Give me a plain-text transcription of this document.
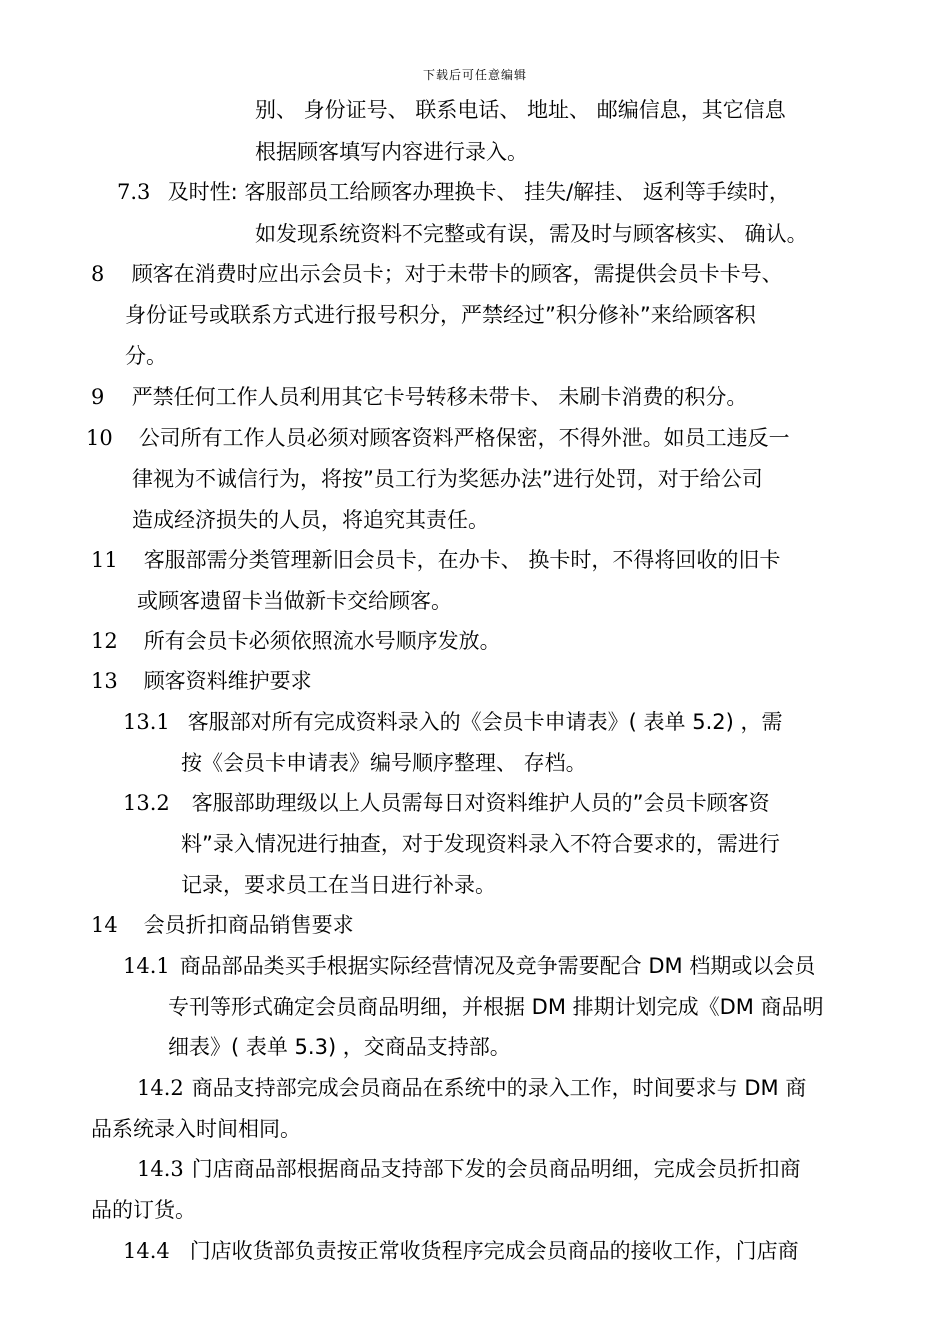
下载后可任意编辑
别、 身份证号、 联系电话、 地址、 邮编信息，其它信息
根据顾客填写内容进行录入。
7.3 及时性: 客服部员工给顾客办理换卡、 挂失/解挂、 返利等手续时，
如发现系统资料不完整或有误，需及时与顾客核实、 确认。
8 顾客在消费时应出示会员卡；对于未带卡的顾客，需提供会员卡卡号、
身份证号或联系方式进行报号积分，严禁经过”积分修补”来给顾客积
分。
9 严禁任何工作人员利用其它卡号转移未带卡、 未刷卡消费的积分。
10 公司所有工作人员必须对顾客资料严格保密，不得外泄。如员工违反一
律视为不诚信行为，将按”员工行为奖惩办法”进行处罚，对于给公司
造成经济损失的人员，将追究其责任。
11 客服部需分类管理新旧会员卡，在办卡、 换卡时，不得将回收的旧卡
或顾客遗留卡当做新卡交给顾客。
12 所有会员卡必须依照流水号顺序发放。
13 顾客资料维护要求
13.1 客服部对所有完成资料录入的《会员卡申请表》( 表单 5.2) ，需
按《会员卡申请表》编号顺序整理、 存档。
13.2 客服部助理级以上人员需每日对资料维护人员的”会员卡顾客资
料”录入情况进行抽查，对于发现资料录入不符合要求的，需进行
记录，要求员工在当日进行补录。
14 会员折扣商品销售要求
14.1 商品部品类买手根据实际经营情况及竞争需要配合 DM 档期或以会员
专刊等形式确定会员商品明细，并根据 DM 排期计划完成《DM 商品明
细表》( 表单 5.3) ，交商品支持部。
14.2 商品支持部完成会员商品在系统中的录入工作，时间要求与 DM 商
品系统录入时间相同。
14.3 门店商品部根据商品支持部下发的会员商品明细，完成会员折扣商
品的订货。
14.4 门店收货部负责按正常收货程序完成会员商品的接收工作，门店商
